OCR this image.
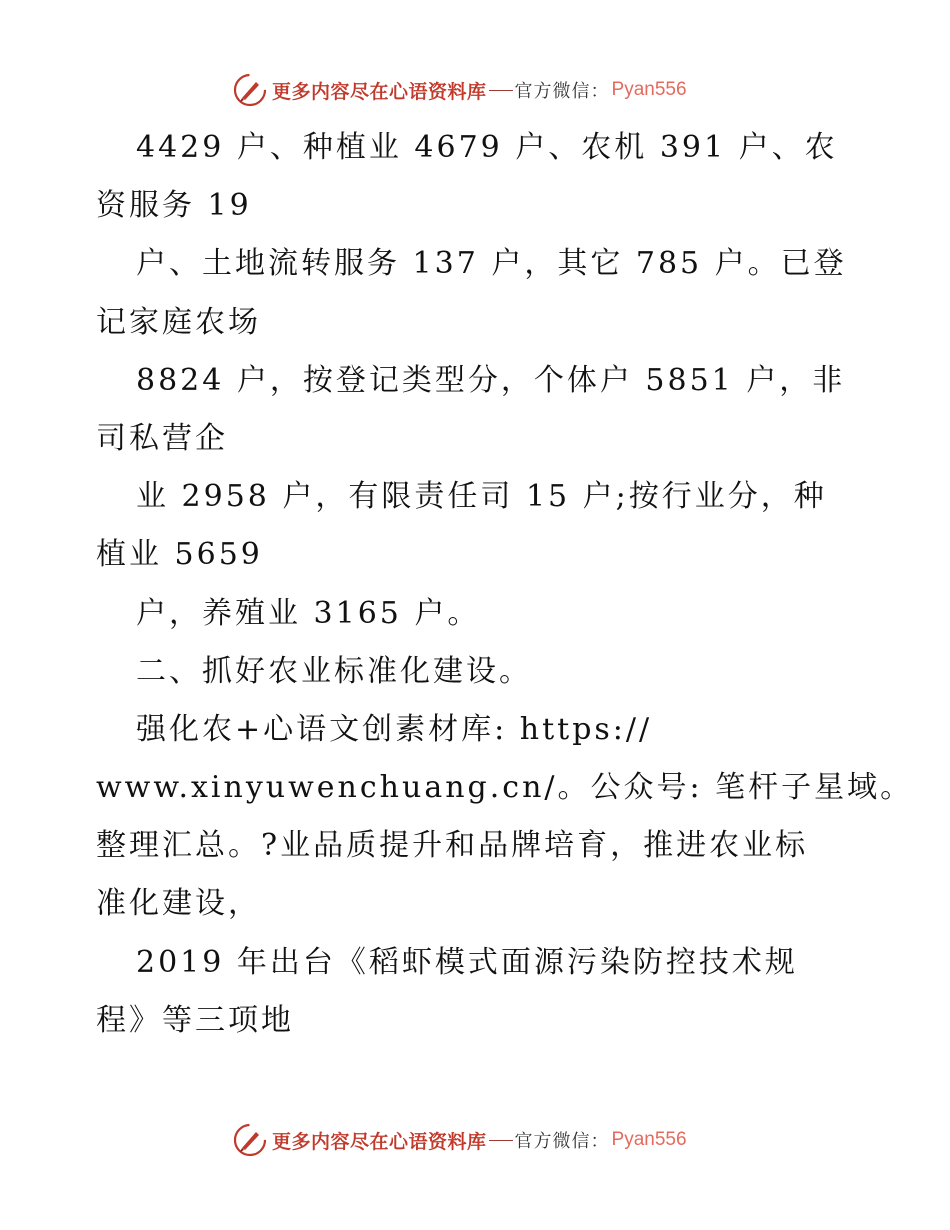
更多内容尽在心语资料库 官方微信： Pyan556
4429 户、种植业 4679 户、农机 391 户、农
资服务 19
户、土地流转服务 137 户，其它 785 户。已登
记家庭农场
8824 户，按登记类型分，个体户 5851 户，非
司私营企
业 2958 户，有限责任司 15 户;按行业分，种
植业 5659
户，养殖业 3165 户。
二、抓好农业标准化建设。
强化农+心语文创素材库: https://
www.xinyuwenchuang.cn/。公众号: 笔杆子星域。
整理汇总。?业品质提升和品牌培育，推进农业标
准化建设，
2019 年出台《稻虾模式面源污染防控技术规
程》等三项地
更多内容尽在心语资料库 官方微信： Pyan556
